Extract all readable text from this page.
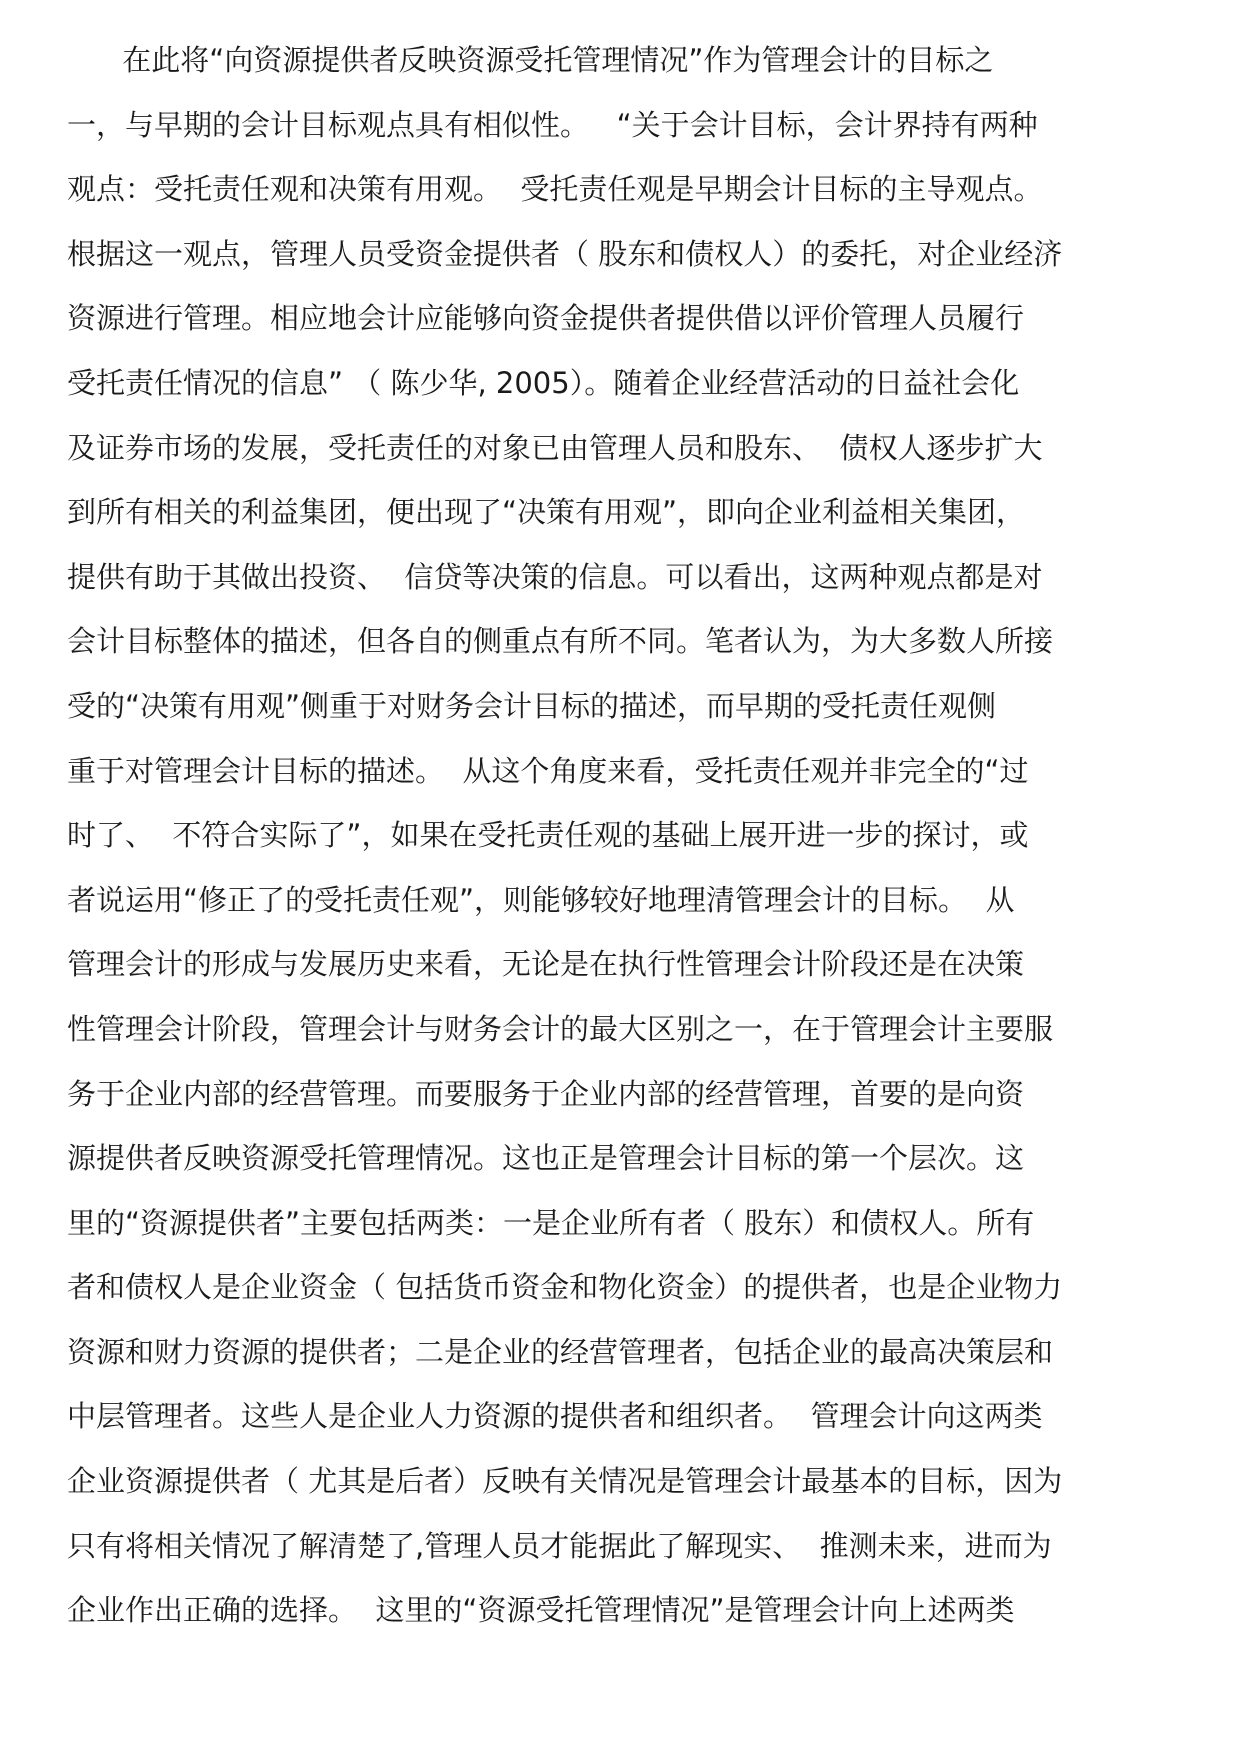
在此将“向资源提供者反映资源受托管理情况”作为管理会计的目标之
一，与早期的会计目标观点具有相似性。   “关于会计目标，会计界持有两种
观点：受托责任观和决策有用观。  受托责任观是早期会计目标的主导观点。
根据这一观点，管理人员受资金提供者（ 股东和债权人）的委托，对企业经济
资源进行管理。相应地会计应能够向资金提供者提供借以评价管理人员履行
受托责任情况的信息” （ 陈少华, 2005）。随着企业经营活动的日益社会化
及证券市场的发展，受托责任的对象已由管理人员和股东、  债权人逐步扩大
到所有相关的利益集团，便出现了“决策有用观”，即向企业利益相关集团，
提供有助于其做出投资、  信贷等决策的信息。可以看出，这两种观点都是对
会计目标整体的描述，但各自的侧重点有所不同。笔者认为，为大多数人所接
受的“决策有用观”侧重于对财务会计目标的描述，而早期的受托责任观侧
重于对管理会计目标的描述。  从这个角度来看，受托责任观并非完全的“过
时了、  不符合实际了”，如果在受托责任观的基础上展开进一步的探讨，或
者说运用“修正了的受托责任观”，则能够较好地理清管理会计的目标。  从
管理会计的形成与发展历史来看，无论是在执行性管理会计阶段还是在决策
性管理会计阶段，管理会计与财务会计的最大区别之一，在于管理会计主要服
务于企业内部的经营管理。而要服务于企业内部的经营管理，首要的是向资
源提供者反映资源受托管理情况。这也正是管理会计目标的第一个层次。这
里的“资源提供者”主要包括两类：一是企业所有者（ 股东）和债权人。所有
者和债权人是企业资金（ 包括货币资金和物化资金）的提供者，也是企业物力
资源和财力资源的提供者；二是企业的经营管理者，包括企业的最高决策层和
中层管理者。这些人是企业人力资源的提供者和组织者。  管理会计向这两类
企业资源提供者（ 尤其是后者）反映有关情况是管理会计最基本的目标，因为
只有将相关情况了解清楚了,管理人员才能据此了解现实、  推测未来，进而为
企业作出正确的选择。  这里的“资源受托管理情况”是管理会计向上述两类
